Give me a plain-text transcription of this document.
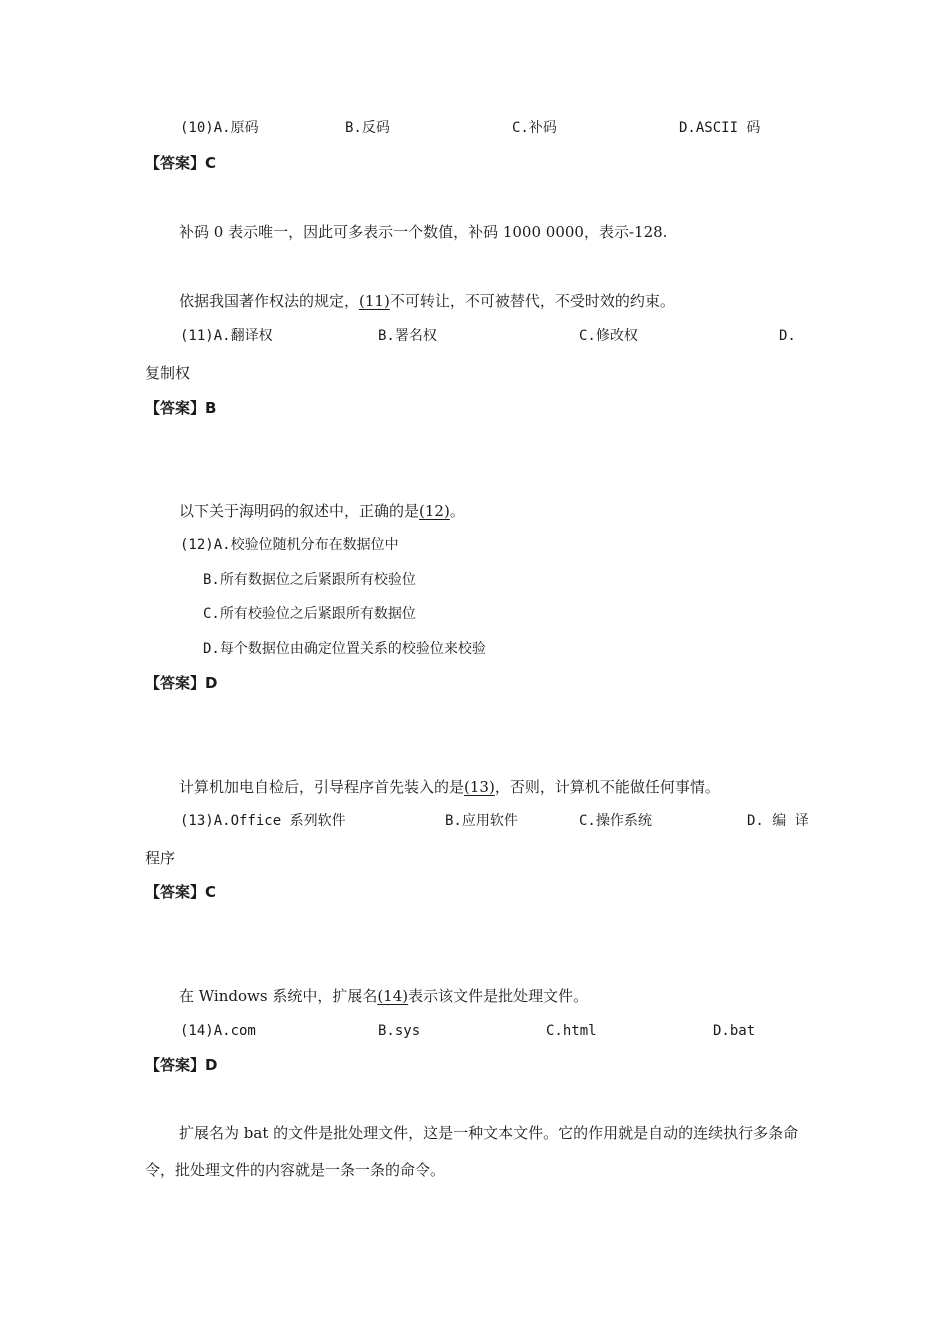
(10)A.原码	B.反码	C.补码	D.ASCII 码
【答案】C
补码 0 表示唯一，因此可多表示一个数值，补码 1000 0000，表示-128.
依据我国著作权法的规定，(11)不可转让，不可被替代，不受时效的约束。
(11)A.翻译权	B.署名权	C.修改权	D.
复制权
【答案】B
以下关于海明码的叙述中，正确的是(12)。
(12)A.校验位随机分布在数据位中
B.所有数据位之后紧跟所有校验位
C.所有校验位之后紧跟所有数据位
D.每个数据位由确定位置关系的校验位来校验
【答案】D
计算机加电自检后，引导程序首先装入的是(13)，否则，计算机不能做任何事情。
(13)A.Office 系列软件	B.应用软件	C.操作系统	D. 编 译
程序
【答案】C
在 Windows 系统中，扩展名(14)表示该文件是批处理文件。
(14)A.com	B.sys	C.html	D.bat
【答案】D
扩展名为 bat 的文件是批处理文件，这是一种文本文件。它的作用就是自动的连续执行多条命令，批处理文件的内容就是一条一条的命令。
